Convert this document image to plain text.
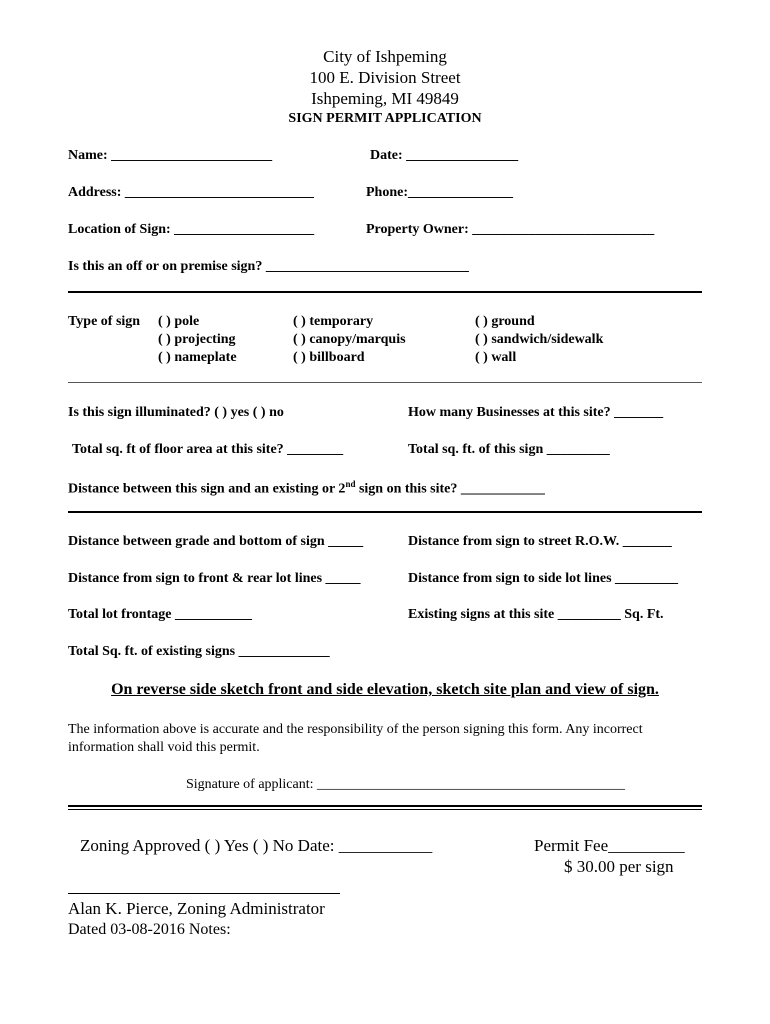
City of Ishpeming
100 E. Division Street
Ishpeming, MI 49849
SIGN PERMIT APPLICATION
Name: _______________________	Date: ________________
Address: ___________________________	Phone:_______________
Location of Sign: ____________________	Property Owner: __________________________
Is this an off or on premise sign? _____________________________
Type of sign ( ) pole
( ) projecting
( ) nameplate
( ) temporary
( ) canopy/marquis
( ) billboard
( ) ground
( ) sandwich/sidewalk
( ) wall
Is this sign illuminated? ( ) yes ( ) no	How many Businesses at this site? _______
Total sq. ft of floor area at this site? ________	Total sq. ft. of this sign _________
Distance between this sign and an existing or 2nd sign on this site? ____________
Distance between grade and bottom of sign _____	Distance from sign to street R.O.W. _______
Distance from sign to front & rear lot lines _____	Distance from sign to side lot lines _________
Total lot frontage ___________	Existing signs at this site _________ Sq. Ft.
Total Sq. ft. of existing signs _____________
On reverse side sketch front and side elevation, sketch site plan and view of sign.
The information above is accurate and the responsibility of the person signing this form. Any incorrect
information shall void this permit.
Signature of applicant: ____________________________________________
Zoning Approved ( ) Yes ( ) No Date: ___________	Permit Fee_________
$ 30.00 per sign
Alan K. Pierce, Zoning Administrator
Dated 03-08-2016 Notes:
